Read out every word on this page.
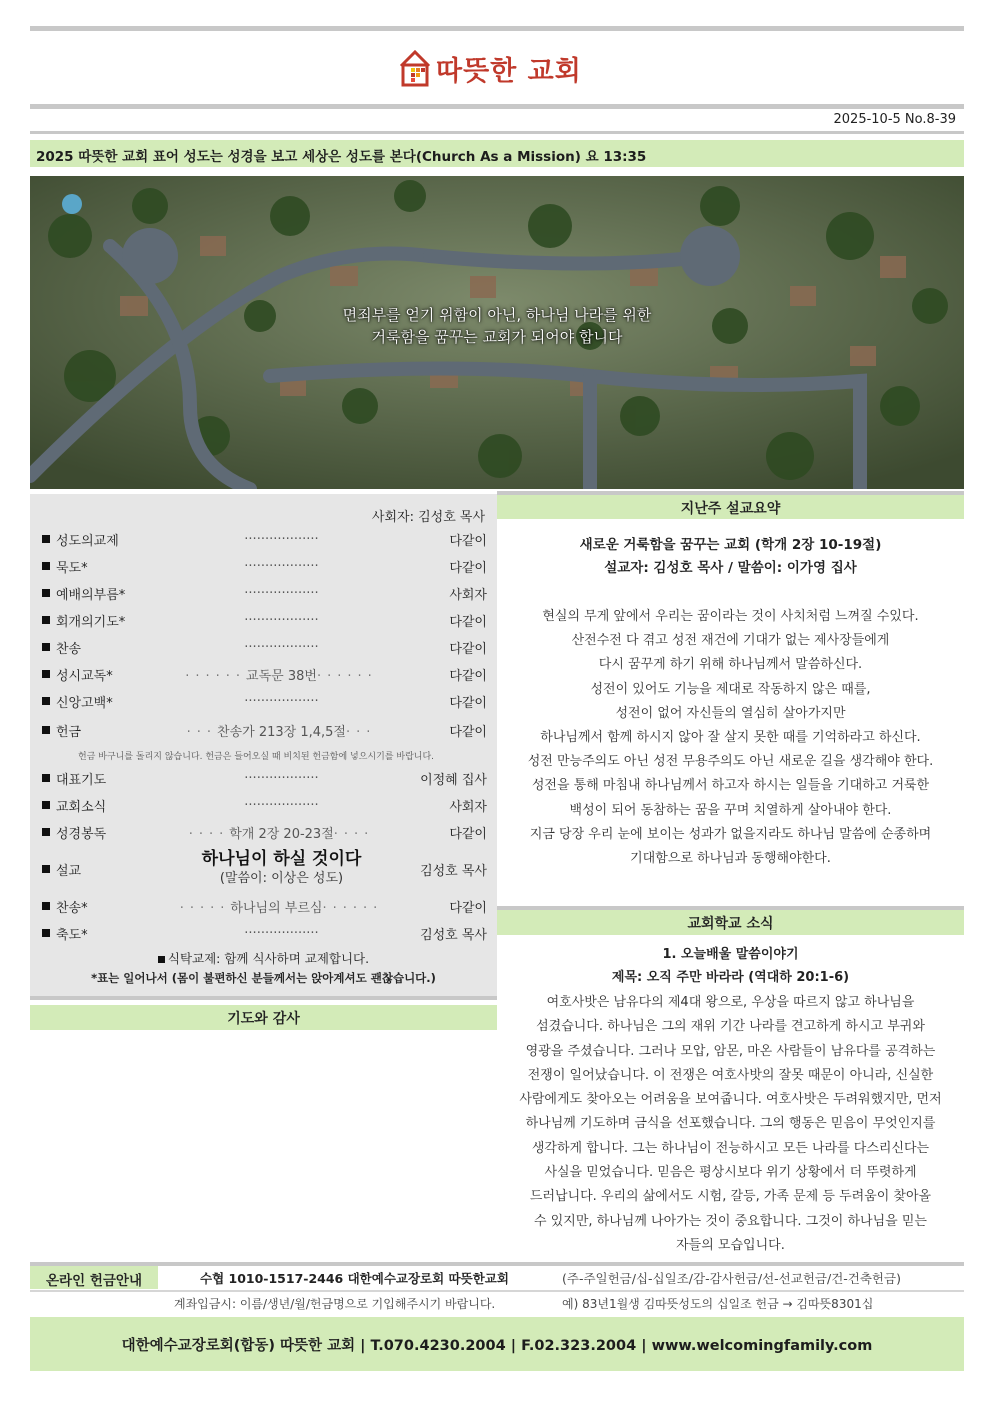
따뜻한 교회
2025-10-5 No.8-39
2025 따뜻한 교회 표어 성도는 성경을 보고 세상은 성도를 본다(Church As a Mission) 요 13:35
면죄부를 얻기 위함이 아닌, 하나님 나라를 위한
거룩함을 꿈꾸는 교회가 되어야 합니다
사회자: 김성호 목사
성도의교제	··················	다같이
묵도*	··················	다같이
예배의부름*	··················	사회자
회개의기도*	··················	다같이
찬송	··················	다같이
성시교독*	······교독문 38번······	다같이
신앙고백*	··················	다같이
헌금	···찬송가 213장 1,4,5절···	다같이
헌금 바구니를 돌리지 않습니다. 헌금은 들어오실 때 비치된 헌금함에 넣으시기를 바랍니다.
대표기도	··················	이정혜 집사
교회소식	··················	사회자
성경봉독	····학개 2장 20-23절····	다같이
설교
하나님이 하실 것이다
(말씀이: 이상은 성도)	김성호 목사
찬송*	·····하나님의 부르심······	다같이
축도*	··················	김성호 목사
식탁교제: 함께 식사하며 교제합니다.
*표는 일어나서 (몸이 불편하신 분들께서는 앉아계셔도 괜찮습니다.)
기도와 감사
지난주 설교요약
새로운 거룩함을 꿈꾸는 교회 (학개 2장 10-19절)
설교자: 김성호 목사 / 말씀이: 이가영 집사
현실의 무게 앞에서 우리는 꿈이라는 것이 사치처럼 느껴질 수있다.
산전수전 다 겪고 성전 재건에 기대가 없는 제사장들에게
다시 꿈꾸게 하기 위해 하나님께서 말씀하신다.
성전이 있어도 기능을 제대로 작동하지 않은 때를,
성전이 없어 자신들의 열심히 살아가지만
하나님께서 함께 하시지 않아 잘 살지 못한 때를 기억하라고 하신다.
성전 만능주의도 아닌 성전 무용주의도 아닌 새로운 길을 생각해야 한다.
성전을 통해 마침내 하나님께서 하고자 하시는 일들을 기대하고 거룩한
백성이 되어 동참하는 꿈을 꾸며 치열하게 살아내야 한다.
지금 당장 우리 눈에 보이는 성과가 없을지라도 하나님 말씀에 순종하며
기대함으로 하나님과 동행해야한다.
교회학교 소식
1. 오늘배울 말씀이야기
제목: 오직 주만 바라라 (역대하 20:1-6)
여호사밧은 남유다의 제4대 왕으로, 우상을 따르지 않고 하나님을
섬겼습니다. 하나님은 그의 재위 기간 나라를 견고하게 하시고 부귀와
영광을 주셨습니다. 그러나 모압, 암몬, 마온 사람들이 남유다를 공격하는
전쟁이 일어났습니다. 이 전쟁은 여호사밧의 잘못 때문이 아니라, 신실한
사람에게도 찾아오는 어려움을 보여줍니다. 여호사밧은 두려워했지만, 먼저
하나님께 기도하며 금식을 선포했습니다. 그의 행동은 믿음이 무엇인지를
생각하게 합니다. 그는 하나님이 전능하시고 모든 나라를 다스리신다는
사실을 믿었습니다. 믿음은 평상시보다 위기 상황에서 더 뚜렷하게
드러납니다. 우리의 삶에서도 시험, 갈등, 가족 문제 등 두려움이 찾아올
수 있지만, 하나님께 나아가는 것이 중요합니다. 그것이 하나님을 믿는
자들의 모습입니다.
온라인 헌금안내	수협 1010-1517-2446 대한예수교장로회 따뜻한교회	(주-주일헌금/십-십일조/감-감사헌금/선-선교헌금/건-건축헌금)
계좌입금시: 이름/생년/월/헌금명으로 기입해주시기 바랍니다.	예) 83년1월생 김따뜻성도의 십일조 헌금 → 김따뜻8301십
대한예수교장로회(합동) 따뜻한 교회 | T.070.4230.2004 | F.02.323.2004 | www.welcomingfamily.com
